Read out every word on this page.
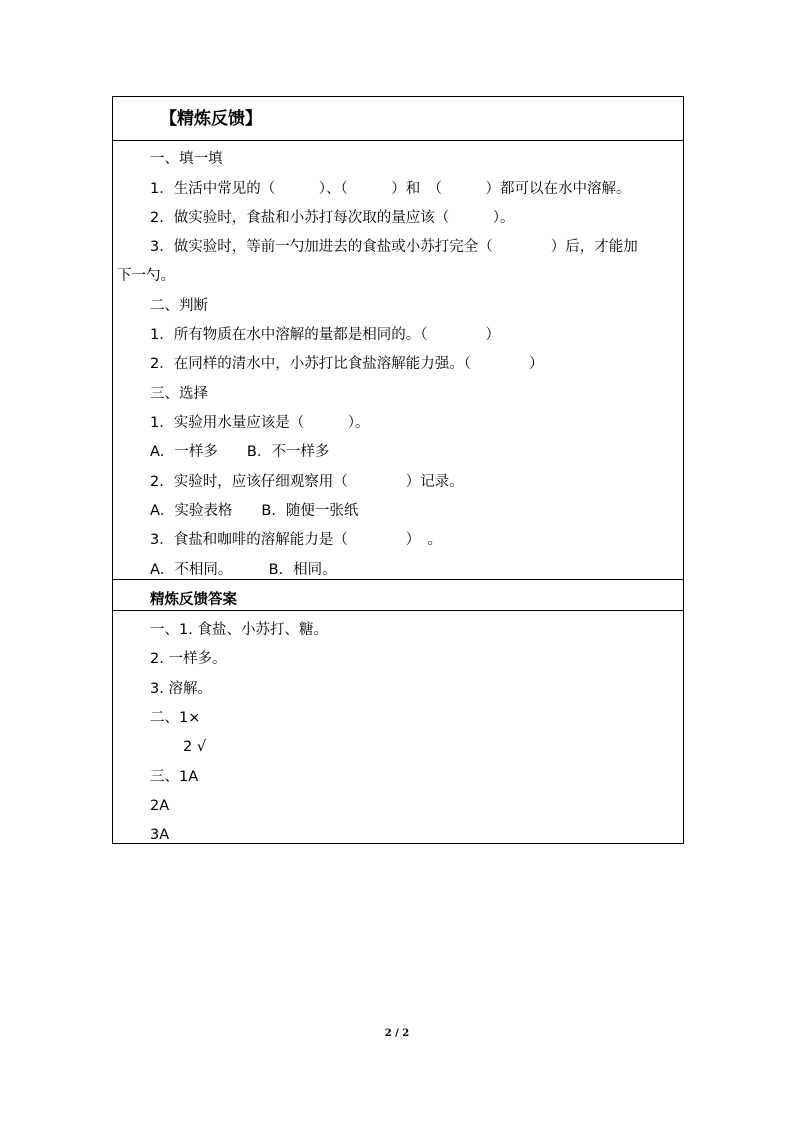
【精炼反馈】
一、填一填
1．生活中常见的（　　　）、（　　　）和　（　　　）都可以在水中溶解。
2．做实验时，食盐和小苏打每次取的量应该（　　　）。
3．做实验时，等前一勺加进去的食盐或小苏打完全（　　　　）后，才能加
下一勺。
二、判断
1．所有物质在水中溶解的量都是相同的。（　　　　）
2．在同样的清水中，小苏打比食盐溶解能力强。（　　　　）
三、选择
1．实验用水量应该是（　　　）。
A．一样多　　B．不一样多
2．实验时，应该仔细观察用（　　　　）记录。
A．实验表格　　B．随便一张纸
3．食盐和咖啡的溶解能力是（　　　　）　。
A．不相同。　　　B．相同。
精炼反馈答案
一、1. 食盐、小苏打、糖。
2. 一样多。
3. 溶解。
二、1×
2 √
三、1A
2A
3A
2 / 2
